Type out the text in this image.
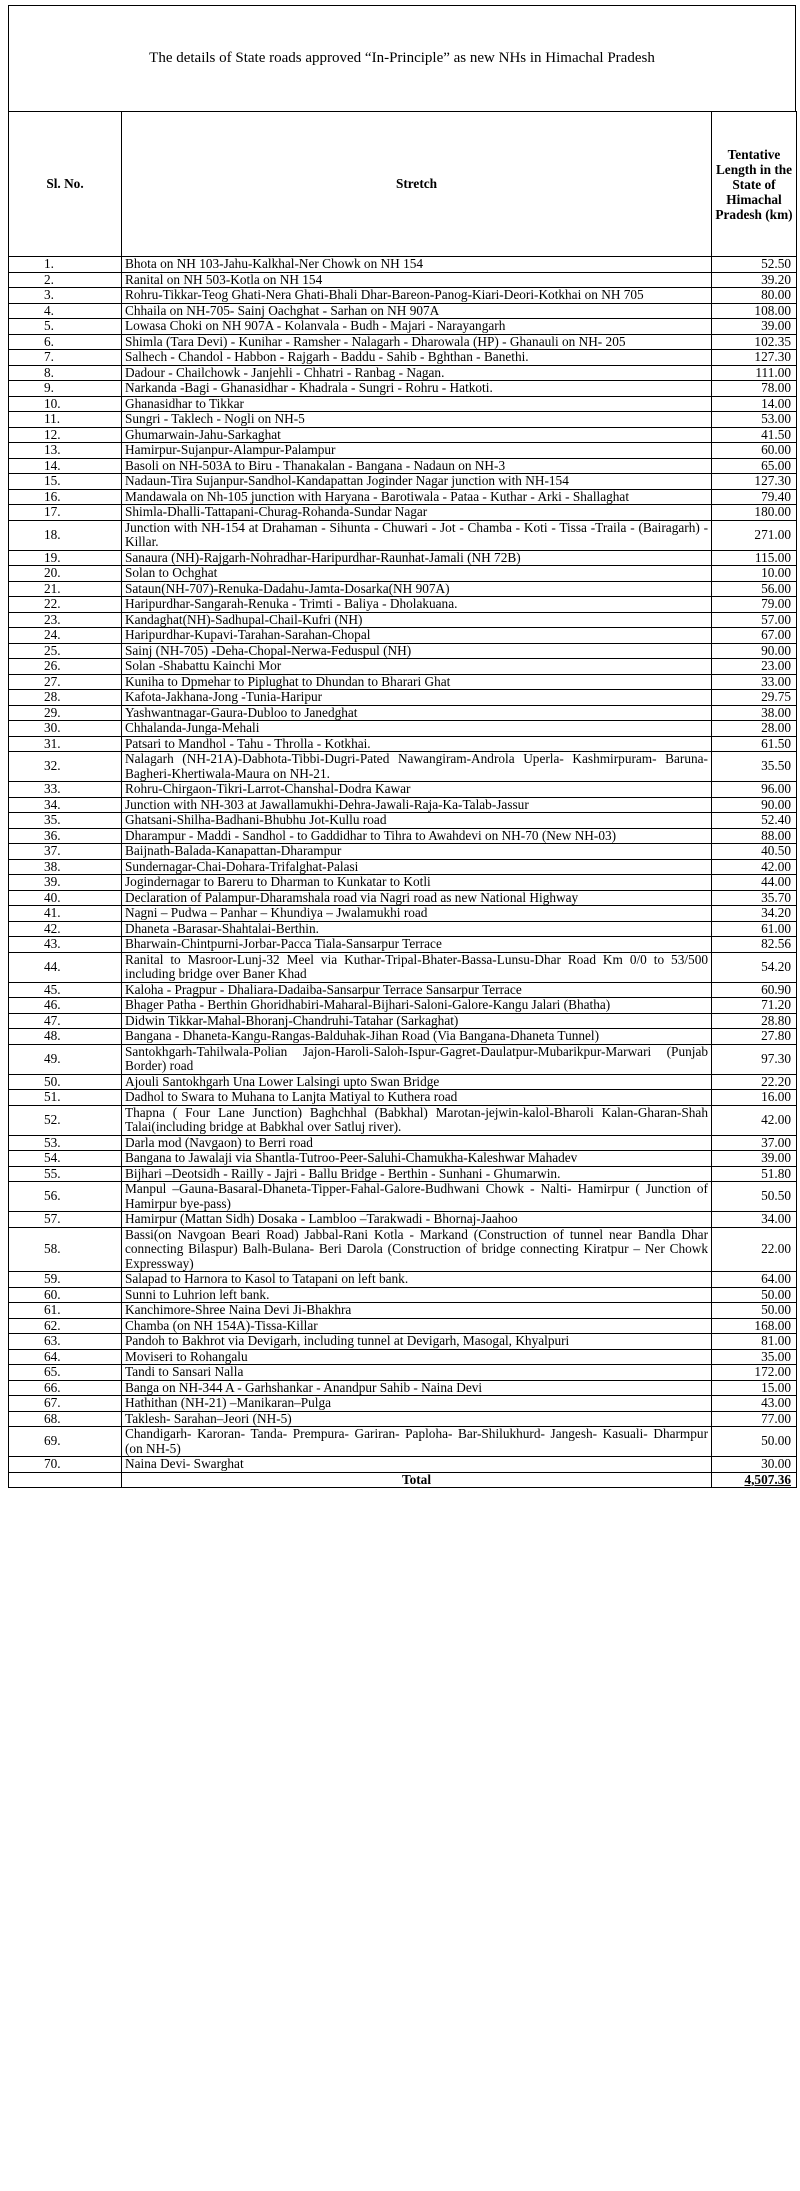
The details of State roads approved “In-Principle” as new NHs in Himachal Pradesh
Sl. No.	Stretch	Tentative Length in the State of Himachal Pradesh (km)
1.	Bhota on NH 103-Jahu-Kalkhal-Ner Chowk on NH 154	52.50
2.	Ranital on NH 503-Kotla on NH 154	39.20
3.	Rohru-Tikkar-Teog Ghati-Nera Ghati-Bhali Dhar-Bareon-Panog-Kiari-Deori-Kotkhai on NH 705	80.00
4.	Chhaila on NH-705- Sainj Oachghat - Sarhan on NH 907A	108.00
5.	Lowasa Choki on NH 907A - Kolanvala - Budh - Majari - Narayangarh	39.00
6.	Shimla (Tara Devi) - Kunihar - Ramsher - Nalagarh - Dharowala (HP) - Ghanauli on NH- 205	102.35
7.	Salhech - Chandol - Habbon - Rajgarh - Baddu - Sahib - Bghthan - Banethi.	127.30
8.	Dadour - Chailchowk - Janjehli - Chhatri - Ranbag - Nagan.	111.00
9.	Narkanda -Bagi - Ghanasidhar - Khadrala - Sungri - Rohru - Hatkoti.	78.00
10.	Ghanasidhar to Tikkar	14.00
11.	Sungri - Taklech - Nogli on NH-5	53.00
12.	Ghumarwain-Jahu-Sarkaghat	41.50
13.	Hamirpur-Sujanpur-Alampur-Palampur	60.00
14.	Basoli on NH-503A to Biru - Thanakalan - Bangana - Nadaun on NH-3	65.00
15.	Nadaun-Tira Sujanpur-Sandhol-Kandapattan Joginder Nagar junction with NH-154	127.30
16.	Mandawala on Nh-105 junction with Haryana - Barotiwala - Pataa - Kuthar - Arki - Shallaghat	79.40
17.	Shimla-Dhalli-Tattapani-Churag-Rohanda-Sundar Nagar	180.00
18.	Junction with NH-154 at Drahaman - Sihunta - Chuwari - Jot - Chamba - Koti - Tissa -Traila - (Bairagarh) - Killar.	271.00
19.	Sanaura (NH)-Rajgarh-Nohradhar-Haripurdhar-Raunhat-Jamali (NH 72B)	115.00
20.	Solan to Ochghat	10.00
21.	Sataun(NH-707)-Renuka-Dadahu-Jamta-Dosarka(NH 907A)	56.00
22.	Haripurdhar-Sangarah-Renuka - Trimti - Baliya - Dholakuana.	79.00
23.	Kandaghat(NH)-Sadhupal-Chail-Kufri (NH)	57.00
24.	Haripurdhar-Kupavi-Tarahan-Sarahan-Chopal	67.00
25.	Sainj (NH-705) -Deha-Chopal-Nerwa-Feduspul (NH)	90.00
26.	Solan -Shabattu Kainchi Mor	23.00
27.	Kuniha to Dpmehar to Piplughat to Dhundan to Bharari Ghat	33.00
28.	Kafota-Jakhana-Jong -Tunia-Haripur	29.75
29.	Yashwantnagar-Gaura-Dubloo to Janedghat	38.00
30.	Chhalanda-Junga-Mehali	28.00
31.	Patsari to Mandhol - Tahu - Throlla - Kotkhai.	61.50
32.	Nalagarh (NH-21A)-Dabhota-Tibbi-Dugri-Pated Nawangiram-Androla Uperla- Kashmirpuram- Baruna-Bagheri-Khertiwala-Maura on NH-21.	35.50
33.	Rohru-Chirgaon-Tikri-Larrot-Chanshal-Dodra Kawar	96.00
34.	Junction with NH-303 at Jawallamukhi-Dehra-Jawali-Raja-Ka-Talab-Jassur	90.00
35.	Ghatsani-Shilha-Badhani-Bhubhu Jot-Kullu road	52.40
36.	Dharampur - Maddi - Sandhol - to Gaddidhar to Tihra to Awahdevi on NH-70 (New NH-03)	88.00
37.	Baijnath-Balada-Kanapattan-Dharampur	40.50
38.	Sundernagar-Chai-Dohara-Trifalghat-Palasi	42.00
39.	Jogindernagar to Bareru to Dharman to Kunkatar to Kotli	44.00
40.	Declaration of Palampur-Dharamshala road via Nagri road as new National Highway	35.70
41.	Nagni – Pudwa – Panhar – Khundiya – Jwalamukhi road	34.20
42.	Dhaneta -Barasar-Shahtalai-Berthin.	61.00
43.	Bharwain-Chintpurni-Jorbar-Pacca Tiala-Sansarpur Terrace	82.56
44.	Ranital to Masroor-Lunj-32 Meel via Kuthar-Tripal-Bhater-Bassa-Lunsu-Dhar Road Km 0/0 to 53/500 including bridge over Baner Khad	54.20
45.	Kaloha - Pragpur - Dhaliara-Dadaiba-Sansarpur Terrace Sansarpur Terrace	60.90
46.	Bhager Patha - Berthin Ghoridhabiri-Maharal-Bijhari-Saloni-Galore-Kangu Jalari (Bhatha)	71.20
47.	Didwin Tikkar-Mahal-Bhoranj-Chandruhi-Tatahar (Sarkaghat)	28.80
48.	Bangana - Dhaneta-Kangu-Rangas-Balduhak-Jihan Road (Via Bangana-Dhaneta Tunnel)	27.80
49.	Santokhgarh-Tahilwala-Polian Jajon-Haroli-Saloh-Ispur-Gagret-Daulatpur-Mubarikpur-Marwari (Punjab Border) road	97.30
50.	Ajouli Santokhgarh Una Lower Lalsingi upto Swan Bridge	22.20
51.	Dadhol to Swara to Muhana to Lanjta Matiyal to Kuthera road	16.00
52.	Thapna ( Four Lane Junction) Baghchhal (Babkhal) Marotan-jejwin-kalol-Bharoli Kalan-Gharan-Shah Talai(including bridge at Babkhal over Satluj river).	42.00
53.	Darla mod (Navgaon) to Berri road	37.00
54.	Bangana to Jawalaji via Shantla-Tutroo-Peer-Saluhi-Chamukha-Kaleshwar Mahadev	39.00
55.	Bijhari –Deotsidh - Railly - Jajri - Ballu Bridge - Berthin - Sunhani - Ghumarwin.	51.80
56.	Manpul –Gauna-Basaral-Dhaneta-Tipper-Fahal-Galore-Budhwani Chowk - Nalti- Hamirpur ( Junction of Hamirpur bye-pass)	50.50
57.	Hamirpur (Mattan Sidh) Dosaka - Lambloo –Tarakwadi - Bhornaj-Jaahoo	34.00
58.	Bassi(on Navgoan Beari Road) Jabbal-Rani Kotla - Markand (Construction of tunnel near Bandla Dhar connecting Bilaspur) Balh-Bulana- Beri Darola (Construction of bridge connecting Kiratpur – Ner Chowk Expressway)	22.00
59.	Salapad to Harnora to Kasol to Tatapani on left bank.	64.00
60.	Sunni to Luhrion left bank.	50.00
61.	Kanchimore-Shree Naina Devi Ji-Bhakhra	50.00
62.	Chamba (on NH 154A)-Tissa-Killar	168.00
63.	Pandoh to Bakhrot via Devigarh, including tunnel at Devigarh, Masogal, Khyalpuri	81.00
64.	Moviseri to Rohangalu	35.00
65.	Tandi to Sansari Nalla	172.00
66.	Banga on NH-344 A - Garhshankar - Anandpur Sahib - Naina Devi	15.00
67.	Hathithan (NH-21) –Manikaran–Pulga	43.00
68.	Taklesh- Sarahan–Jeori (NH-5)	77.00
69.	Chandigarh- Karoran- Tanda- Prempura- Gariran- Paploha- Bar-Shilukhurd- Jangesh- Kasuali- Dharmpur (on NH-5)	50.00
70.	Naina Devi- Swarghat	30.00
	Total	4,507.36
